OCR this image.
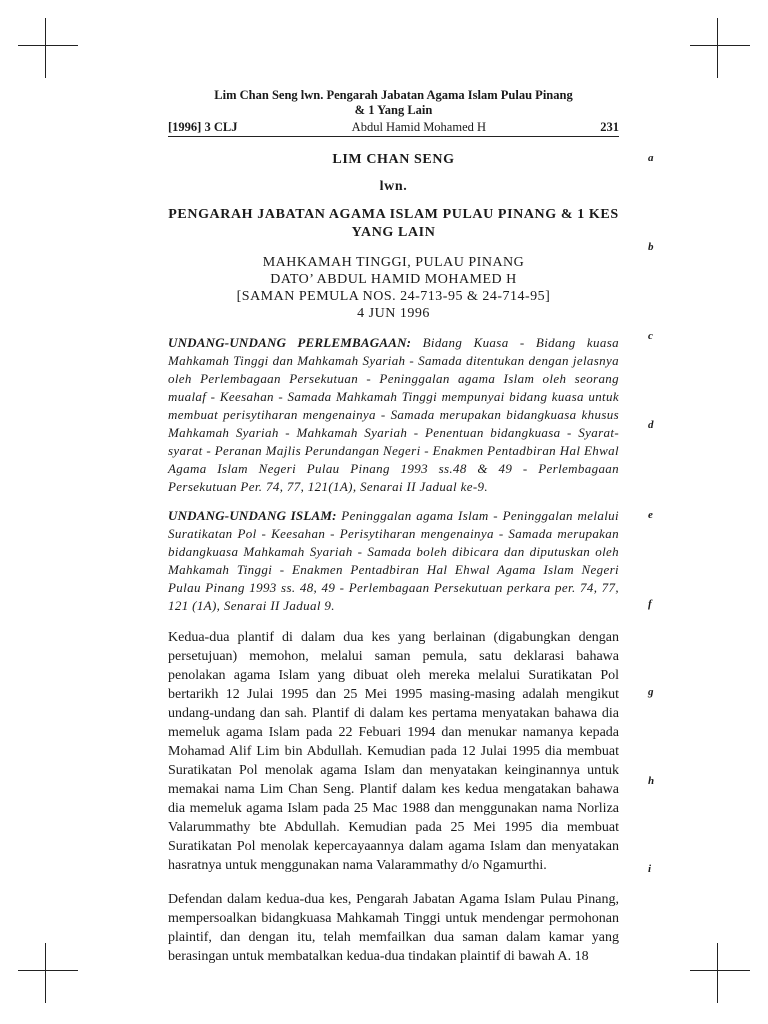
Lim Chan Seng lwn. Pengarah Jabatan Agama Islam Pulau Pinang
& 1 Yang Lain
[1996] 3 CLJ	Abdul Hamid Mohamed H	231
LIM CHAN SENG
lwn.
PENGARAH JABATAN AGAMA ISLAM PULAU PINANG & 1 KES YANG LAIN
MAHKAMAH TINGGI, PULAU PINANG
DATO’ ABDUL HAMID MOHAMED H
[SAMAN PEMULA NOS. 24-713-95 & 24-714-95]
4 JUN 1996

UNDANG-UNDANG PERLEMBAGAAN: Bidang Kuasa - Bidang kuasa Mahkamah Tinggi dan Mahkamah Syariah - Samada ditentukan dengan jelasnya oleh Perlembagaan Persekutuan - Peninggalan agama Islam oleh seorang mualaf - Keesahan - Samada Mahkamah Tinggi mempunyai bidang kuasa untuk membuat perisytiharan mengenainya - Samada merupakan bidangkuasa khusus Mahkamah Syariah - Mahkamah Syariah - Penentuan bidangkuasa - Syarat-syarat - Peranan Majlis Perundangan Negeri - Enakmen Pentadbiran Hal Ehwal Agama Islam Negeri Pulau Pinang 1993 ss.48 & 49 - Perlembagaan Persekutuan Per. 74, 77, 121(1A), Senarai II Jadual ke-9.

UNDANG-UNDANG ISLAM: Peninggalan agama Islam - Peninggalan melalui Suratikatan Pol - Keesahan - Perisytiharan mengenainya - Samada merupakan bidangkuasa Mahkamah Syariah - Samada boleh dibicara dan diputuskan oleh Mahkamah Tinggi - Enakmen Pentadbiran Hal Ehwal Agama Islam Negeri Pulau Pinang 1993 ss. 48, 49 - Perlembagaan Persekutuan perkara per. 74, 77, 121 (1A), Senarai II Jadual 9.

Kedua-dua plantif di dalam dua kes yang berlainan (digabungkan dengan persetujuan) memohon, melalui saman pemula, satu deklarasi bahawa penolakan agama Islam yang dibuat oleh mereka melalui Suratikatan Pol bertarikh 12 Julai 1995 dan 25 Mei 1995 masing-masing adalah mengikut undang-undang dan sah. Plantif di dalam kes pertama menyatakan bahawa dia memeluk agama Islam pada 22 Febuari 1994 dan menukar namanya kepada Mohamad Alif Lim bin Abdullah. Kemudian pada 12 Julai 1995 dia membuat Suratikatan Pol menolak agama Islam dan menyatakan keinginannya untuk memakai nama Lim Chan Seng. Plantif dalam kes kedua mengatakan bahawa dia memeluk agama Islam pada 25 Mac 1988 dan menggunakan nama Norliza Valarummathy bte Abdullah. Kemudian pada 25 Mei 1995 dia membuat Suratikatan Pol menolak kepercayaannya dalam agama Islam dan menyatakan hasratnya untuk menggunakan nama Valarammathy d/o Ngamurthi.

Defendan dalam kedua-dua kes, Pengarah Jabatan Agama Islam Pulau Pinang, mempersoalkan bidangkuasa Mahkamah Tinggi untuk mendengar permohonan plaintif, dan dengan itu, telah memfailkan dua saman dalam kamar yang berasingan untuk membatalkan kedua-dua tindakan plaintif di bawah A. 18

a
b
c
d
e
f
g
h
i
